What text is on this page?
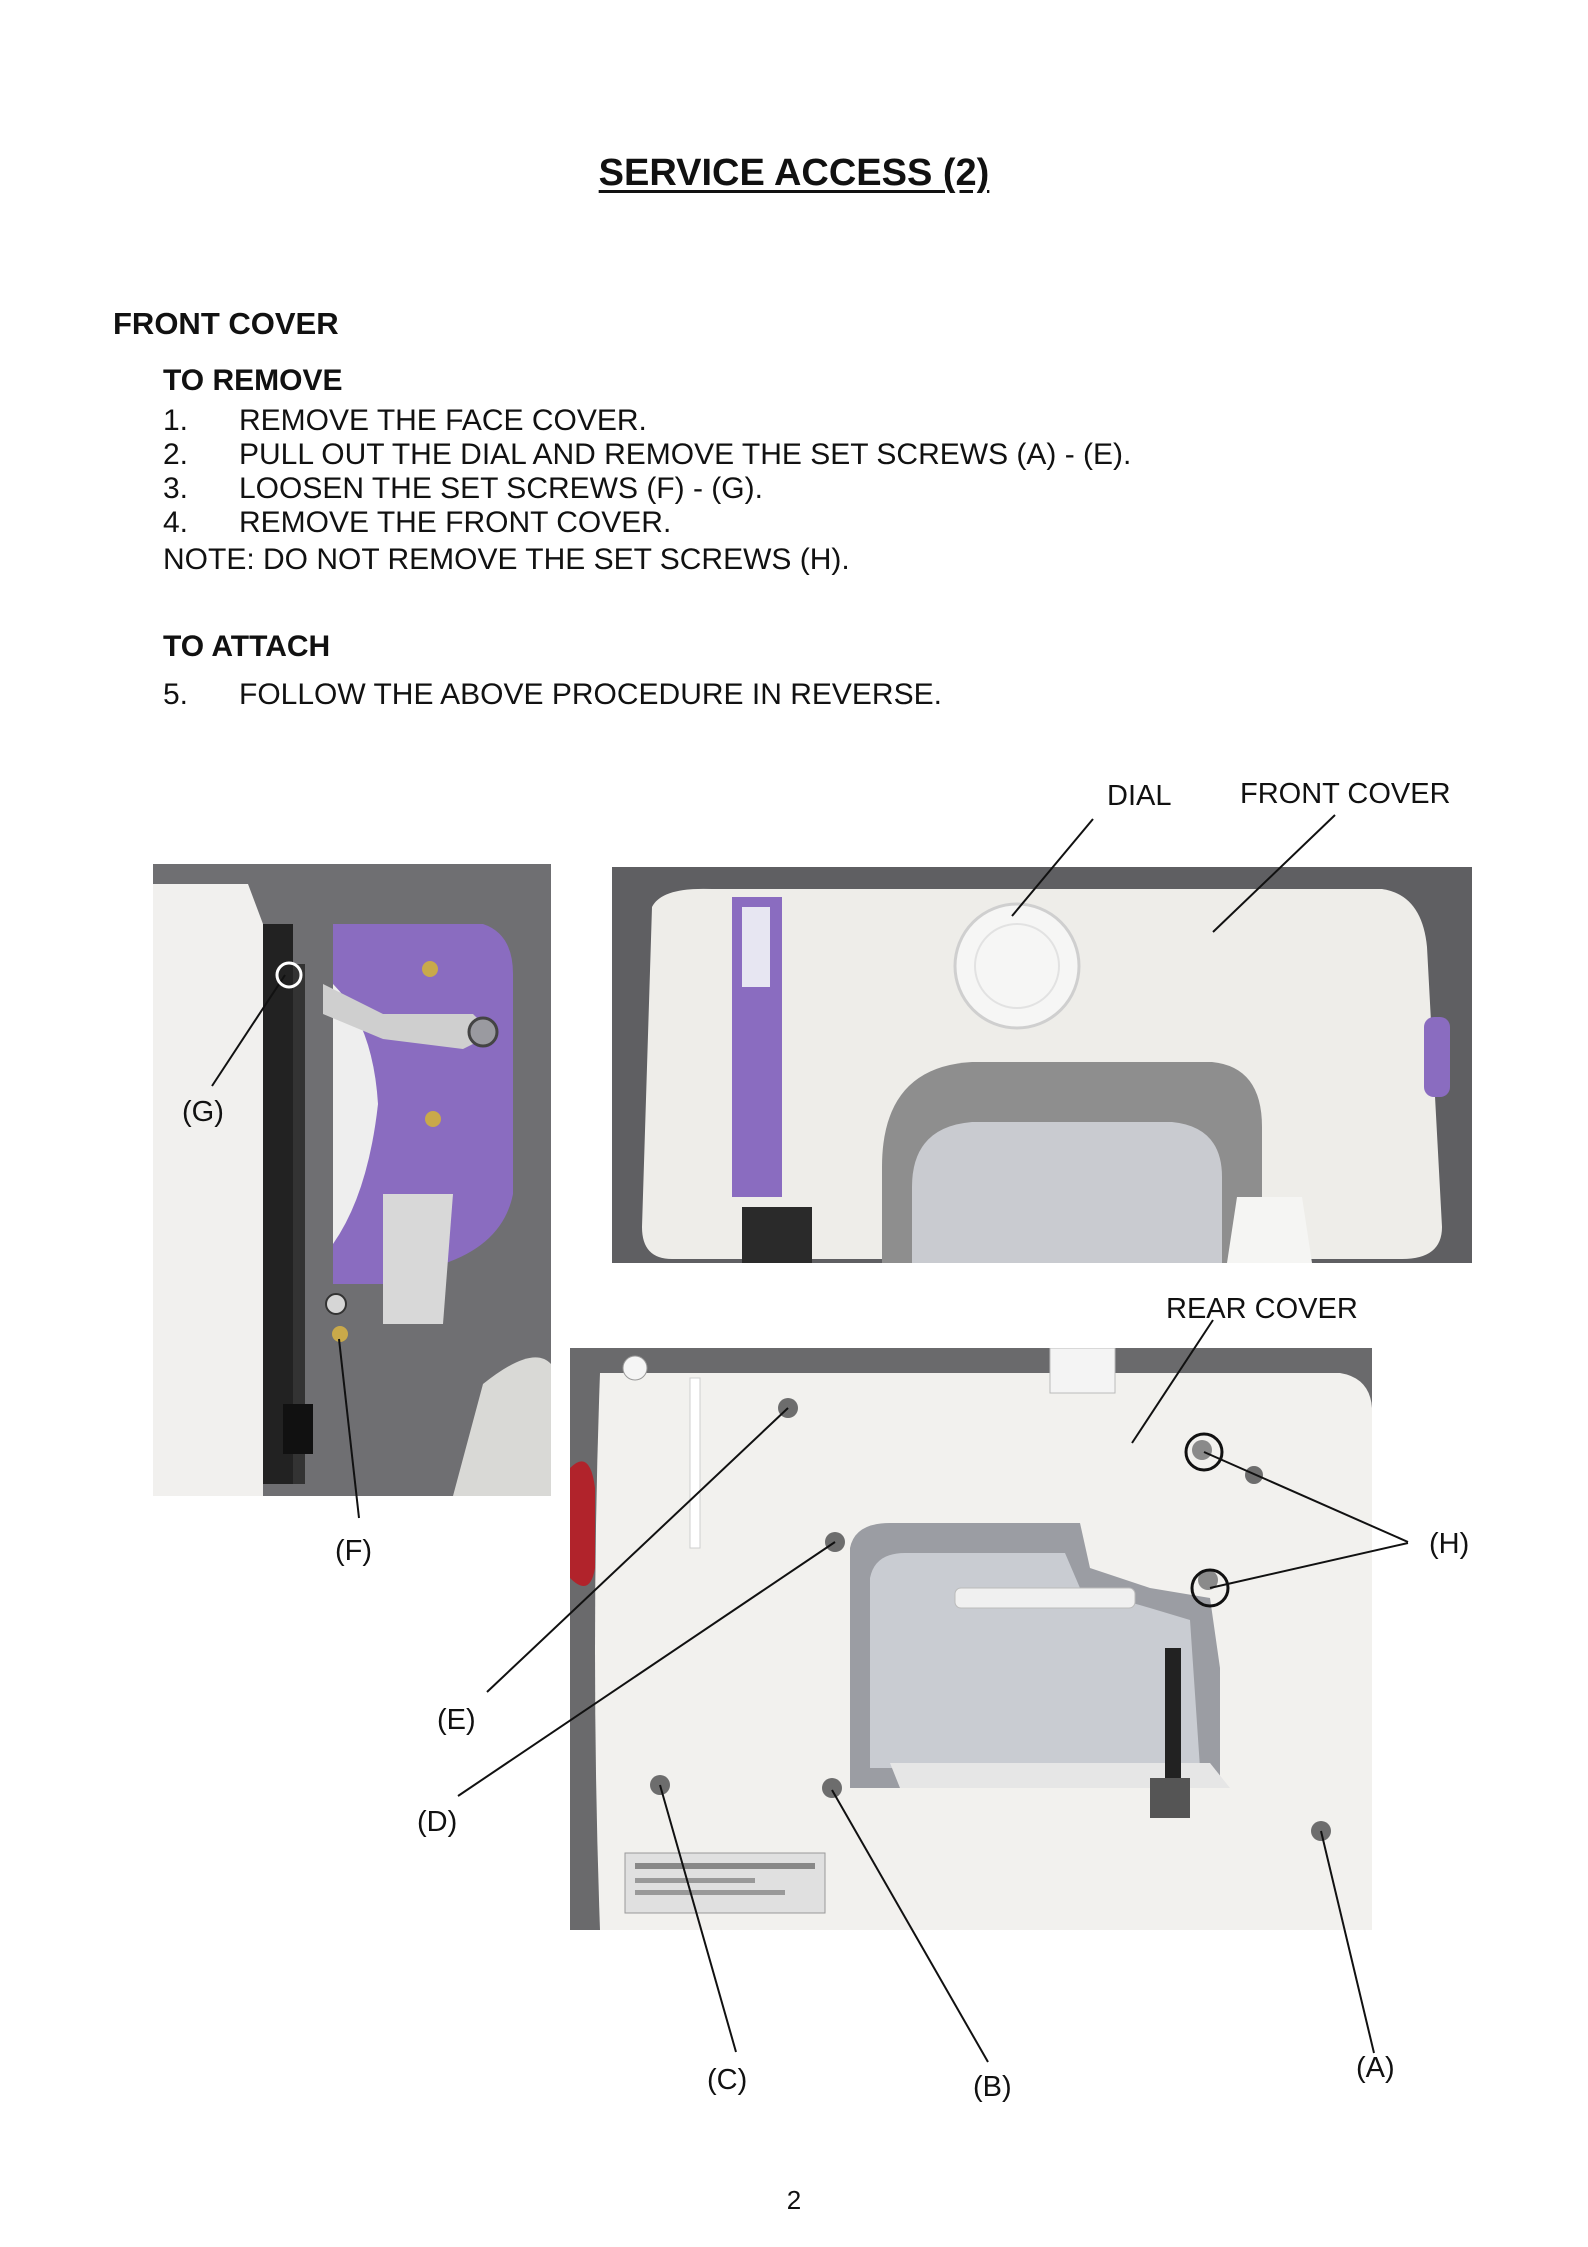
SERVICE ACCESS (2)
FRONT COVER
TO REMOVE
1. REMOVE THE FACE COVER.
2. PULL OUT THE DIAL AND REMOVE THE SET SCREWS (A) - (E).
3. LOOSEN THE SET SCREWS (F) - (G).
4. REMOVE THE FRONT COVER.
NOTE: DO NOT REMOVE THE SET SCREWS (H).
TO ATTACH
5. FOLLOW THE ABOVE PROCEDURE IN REVERSE.
DIAL FRONT COVER
REAR COVER
(G)
(F)	(H)
(E)
(D)
(C)	(B)
(A)
2
